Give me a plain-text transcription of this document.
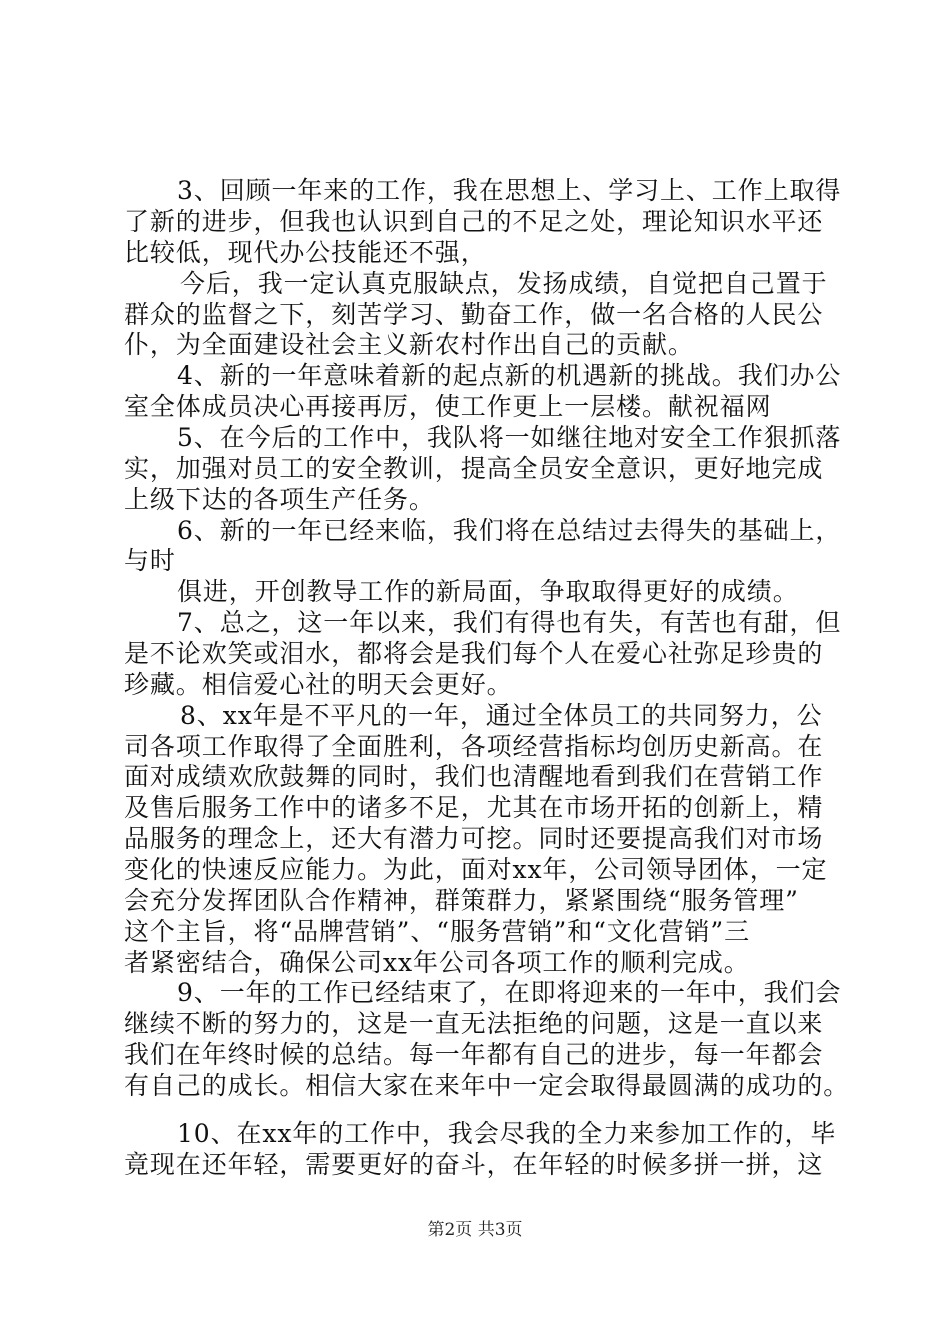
3、回顾一年来的工作，我在思想上、学习上、工作上取得
了新的进步，但我也认识到自己的不足之处，理论知识水平还
比较低，现代办公技能还不强，
今后，我一定认真克服缺点，发扬成绩，自觉把自己置于
群众的监督之下，刻苦学习、勤奋工作，做一名合格的人民公
仆，为全面建设社会主义新农村作出自己的贡献。
4、新的一年意味着新的起点新的机遇新的挑战。我们办公
室全体成员决心再接再厉，使工作更上一层楼。献祝福网
5、在今后的工作中，我队将一如继往地对安全工作狠抓落
实，加强对员工的安全教训，提高全员安全意识，更好地完成
上级下达的各项生产任务。
6、新的一年已经来临，我们将在总结过去得失的基础上，
与时
俱进，开创教导工作的新局面，争取取得更好的成绩。
7、总之，这一年以来，我们有得也有失，有苦也有甜，但
是不论欢笑或泪水，都将会是我们每个人在爱心社弥足珍贵的
珍藏。相信爱心社的明天会更好。
8、xx年是不平凡的一年，通过全体员工的共同努力，公
司各项工作取得了全面胜利，各项经营指标均创历史新高。在
面对成绩欢欣鼓舞的同时，我们也清醒地看到我们在营销工作
及售后服务工作中的诸多不足，尤其在市场开拓的创新上，精
品服务的理念上，还大有潜力可挖。同时还要提高我们对市场
变化的快速反应能力。为此，面对xx年，公司领导团体，一定
会充分发挥团队合作精神，群策群力，紧紧围绕“服务管理”
这个主旨，将“品牌营销”、“服务营销”和“文化营销”三
者紧密结合，确保公司xx年公司各项工作的顺利完成。
9、一年的工作已经结束了，在即将迎来的一年中，我们会
继续不断的努力的，这是一直无法拒绝的问题，这是一直以来
我们在年终时候的总结。每一年都有自己的进步，每一年都会
有自己的成长。相信大家在来年中一定会取得最圆满的成功的。
10、在xx年的工作中，我会尽我的全力来参加工作的，毕
竟现在还年轻，需要更好的奋斗，在年轻的时候多拼一拼，这
第2页 共3页
